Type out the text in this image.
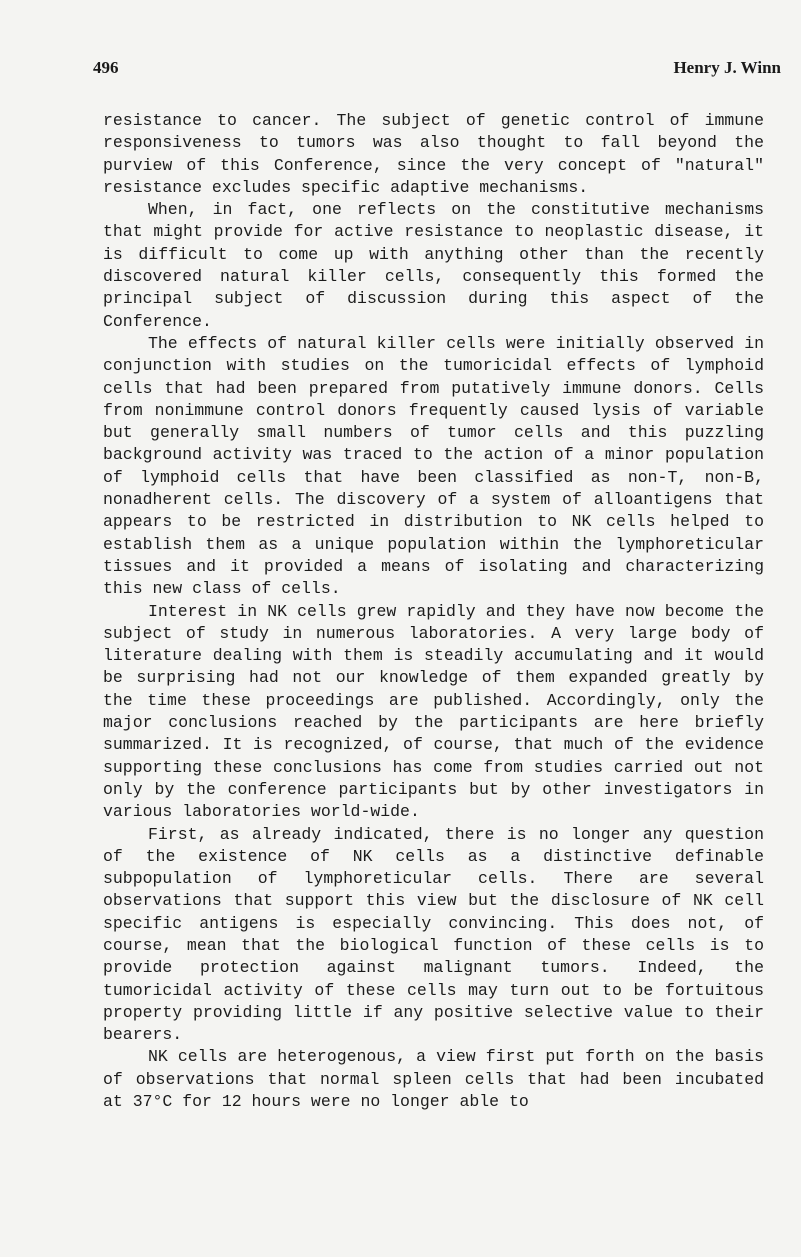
496	Henry J. Winn

resistance to cancer. The subject of genetic control of immune responsiveness to tumors was also thought to fall beyond the purview of this Conference, since the very concept of "natural" resistance excludes specific adaptive mechanisms.

When, in fact, one reflects on the constitutive mechanisms that might provide for active resistance to neoplastic disease, it is difficult to come up with anything other than the recently discovered natural killer cells, consequently this formed the principal subject of discussion during this aspect of the Conference.

The effects of natural killer cells were initially observed in conjunction with studies on the tumoricidal effects of lymphoid cells that had been prepared from putatively immune donors. Cells from nonimmune control donors frequently caused lysis of variable but generally small numbers of tumor cells and this puzzling background activity was traced to the action of a minor population of lymphoid cells that have been classified as non-T, non-B, nonadherent cells. The discovery of a system of alloantigens that appears to be restricted in distribution to NK cells helped to establish them as a unique population within the lymphoreticular tissues and it provided a means of isolating and characterizing this new class of cells.

Interest in NK cells grew rapidly and they have now become the subject of study in numerous laboratories. A very large body of literature dealing with them is steadily accumulating and it would be surprising had not our knowledge of them expanded greatly by the time these proceedings are published. Accordingly, only the major conclusions reached by the participants are here briefly summarized. It is recognized, of course, that much of the evidence supporting these conclusions has come from studies carried out not only by the conference participants but by other investigators in various laboratories world-wide.

First, as already indicated, there is no longer any question of the existence of NK cells as a distinctive definable subpopulation of lymphoreticular cells. There are several observations that support this view but the disclosure of NK cell specific antigens is especially convincing. This does not, of course, mean that the biological function of these cells is to provide protection against malignant tumors. Indeed, the tumoricidal activity of these cells may turn out to be fortuitous property providing little if any positive selective value to their bearers.

NK cells are heterogenous, a view first put forth on the basis of observations that normal spleen cells that had been incubated at 37°C for 12 hours were no longer able to
